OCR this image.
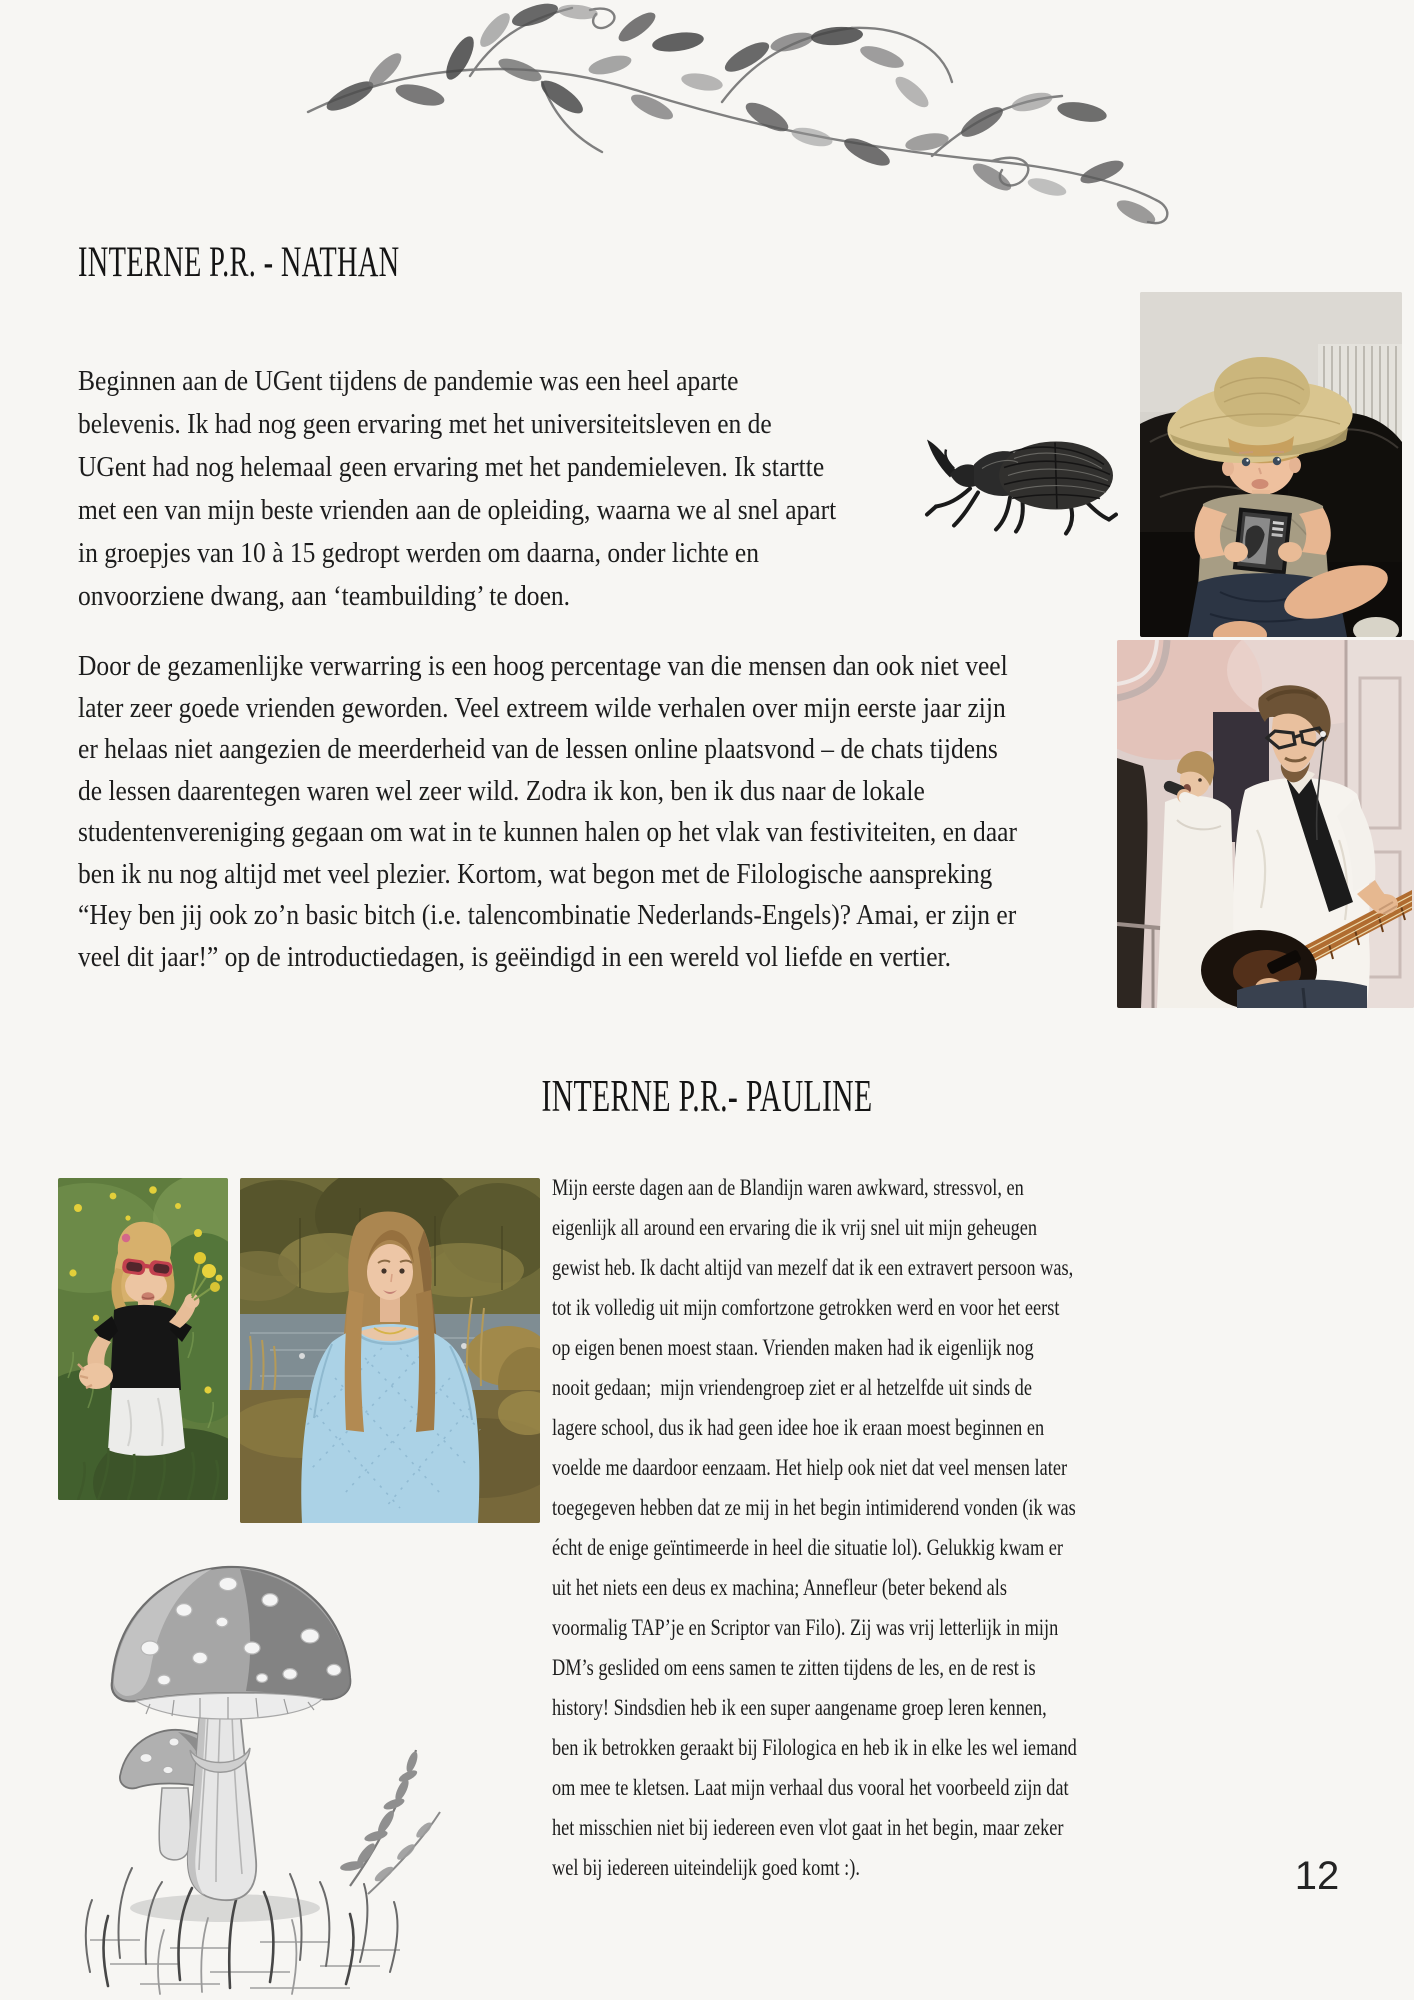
INTERNE P.R. - NATHAN
Beginnen aan de UGent tijdens de pandemie was een heel aparte
belevenis. Ik had nog geen ervaring met het universiteitsleven en de
UGent had nog helemaal geen ervaring met het pandemieleven. Ik startte
met een van mijn beste vrienden aan de opleiding, waarna we al snel apart
in groepjes van 10 à 15 gedropt werden om daarna, onder lichte en
onvoorziene dwang, aan ‘teambuilding’ te doen.
Door de gezamenlijke verwarring is een hoog percentage van die mensen dan ook niet veel
later zeer goede vrienden geworden. Veel extreem wilde verhalen over mijn eerste jaar zijn
er helaas niet aangezien de meerderheid van de lessen online plaatsvond – de chats tijdens
de lessen daarentegen waren wel zeer wild. Zodra ik kon, ben ik dus naar de lokale
studentenvereniging gegaan om wat in te kunnen halen op het vlak van festiviteiten, en daar
ben ik nu nog altijd met veel plezier. Kortom, wat begon met de Filologische aanspreking
“Hey ben jij ook zo’n basic bitch (i.e. talencombinatie Nederlands-Engels)? Amai, er zijn er
veel dit jaar!” op de introductiedagen, is geëindigd in een wereld vol liefde en vertier.
INTERNE P.R.- PAULINE
Mijn eerste dagen aan de Blandijn waren awkward, stressvol, en
eigenlijk all around een ervaring die ik vrij snel uit mijn geheugen
gewist heb. Ik dacht altijd van mezelf dat ik een extravert persoon was,
tot ik volledig uit mijn comfortzone getrokken werd en voor het eerst
op eigen benen moest staan. Vrienden maken had ik eigenlijk nog
nooit gedaan;  mijn vriendengroep ziet er al hetzelfde uit sinds de
lagere school, dus ik had geen idee hoe ik eraan moest beginnen en
voelde me daardoor eenzaam. Het hielp ook niet dat veel mensen later
toegegeven hebben dat ze mij in het begin intimiderend vonden (ik was
écht de enige geïntimeerde in heel die situatie lol). Gelukkig kwam er
uit het niets een deus ex machina; Annefleur (beter bekend als
voormalig TAP’je en Scriptor van Filo). Zij was vrij letterlijk in mijn
DM’s geslided om eens samen te zitten tijdens de les, en de rest is
history! Sindsdien heb ik een super aangename groep leren kennen,
ben ik betrokken geraakt bij Filologica en heb ik in elke les wel iemand
om mee te kletsen. Laat mijn verhaal dus vooral het voorbeeld zijn dat
het misschien niet bij iedereen even vlot gaat in het begin, maar zeker
wel bij iedereen uiteindelijk goed komt :).	12
